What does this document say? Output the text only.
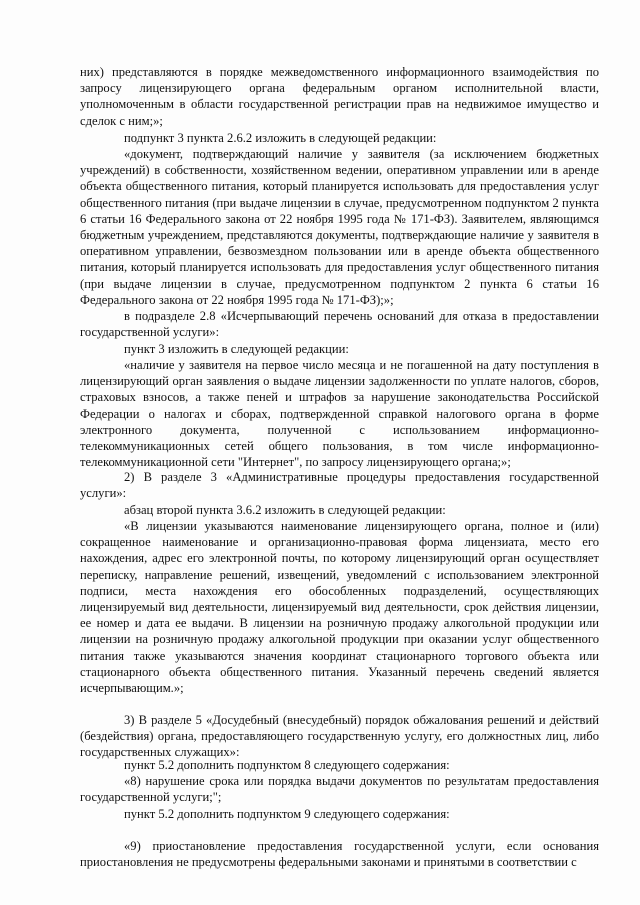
них) представляются в порядке межведомственного информационного взаимодействия по запросу лицензирующего органа федеральным органом исполнительной власти, уполномоченным в области государственной регистрации прав на недвижимое имущество и сделок с ним;»;

подпункт 3 пункта 2.6.2 изложить в следующей редакции:

«документ, подтверждающий наличие у заявителя (за исключением бюджетных учреждений) в собственности, хозяйственном ведении, оперативном управлении или в аренде объекта общественного питания, который планируется использовать для предоставления услуг общественного питания (при выдаче лицензии в случае, предусмотренном подпунктом 2 пункта 6 статьи 16 Федерального закона от 22 ноября 1995 года № 171-ФЗ). Заявителем, являющимся бюджетным учреждением, представляются документы, подтверждающие наличие у заявителя в оперативном управлении, безвозмездном пользовании или в аренде объекта общественного питания, который планируется использовать для предоставления услуг общественного питания (при выдаче лицензии в случае, предусмотренном подпунктом 2 пункта 6 статьи 16 Федерального закона от 22 ноября 1995 года № 171-ФЗ);»;

в подразделе 2.8 «Исчерпывающий перечень оснований для отказа в предоставлении государственной услуги»:

пункт 3 изложить в следующей редакции:

«наличие у заявителя на первое число месяца и не погашенной на дату поступления в лицензирующий орган заявления о выдаче лицензии задолженности по уплате налогов, сборов, страховых взносов, а также пеней и штрафов за нарушение законодательства Российской Федерации о налогах и сборах, подтвержденной справкой налогового органа в форме электронного документа, полученной с использованием информационно-телекоммуникационных сетей общего пользования, в том числе информационно-телекоммуникационной сети "Интернет", по запросу лицензирующего органа;»;

2) В разделе 3 «Административные процедуры предоставления государственной услуги»:

абзац второй пункта 3.6.2 изложить в следующей редакции:

«В лицензии указываются наименование лицензирующего органа, полное и (или) сокращенное наименование и организационно-правовая форма лицензиата, место его нахождения, адрес его электронной почты, по которому лицензирующий орган осуществляет переписку, направление решений, извещений, уведомлений с использованием электронной подписи, места нахождения его обособленных подразделений, осуществляющих лицензируемый вид деятельности, лицензируемый вид деятельности, срок действия лицензии, ее номер и дата ее выдачи. В лицензии на розничную продажу алкогольной продукции или лицензии на розничную продажу алкогольной продукции при оказании услуг общественного питания также указываются значения координат стационарного торгового объекта или стационарного объекта общественного питания. Указанный перечень сведений является исчерпывающим.»;

3) В разделе 5 «Досудебный (внесудебный) порядок обжалования решений и действий (бездействия) органа, предоставляющего государственную услугу, его должностных лиц, либо государственных служащих»:

пункт 5.2 дополнить подпунктом 8 следующего содержания:

«8) нарушение срока или порядка выдачи документов по результатам предоставления государственной услуги;";

пункт 5.2 дополнить подпунктом 9 следующего содержания:

«9) приостановление предоставления государственной услуги, если основания приостановления не предусмотрены федеральными законами и принятыми в соответствии с
